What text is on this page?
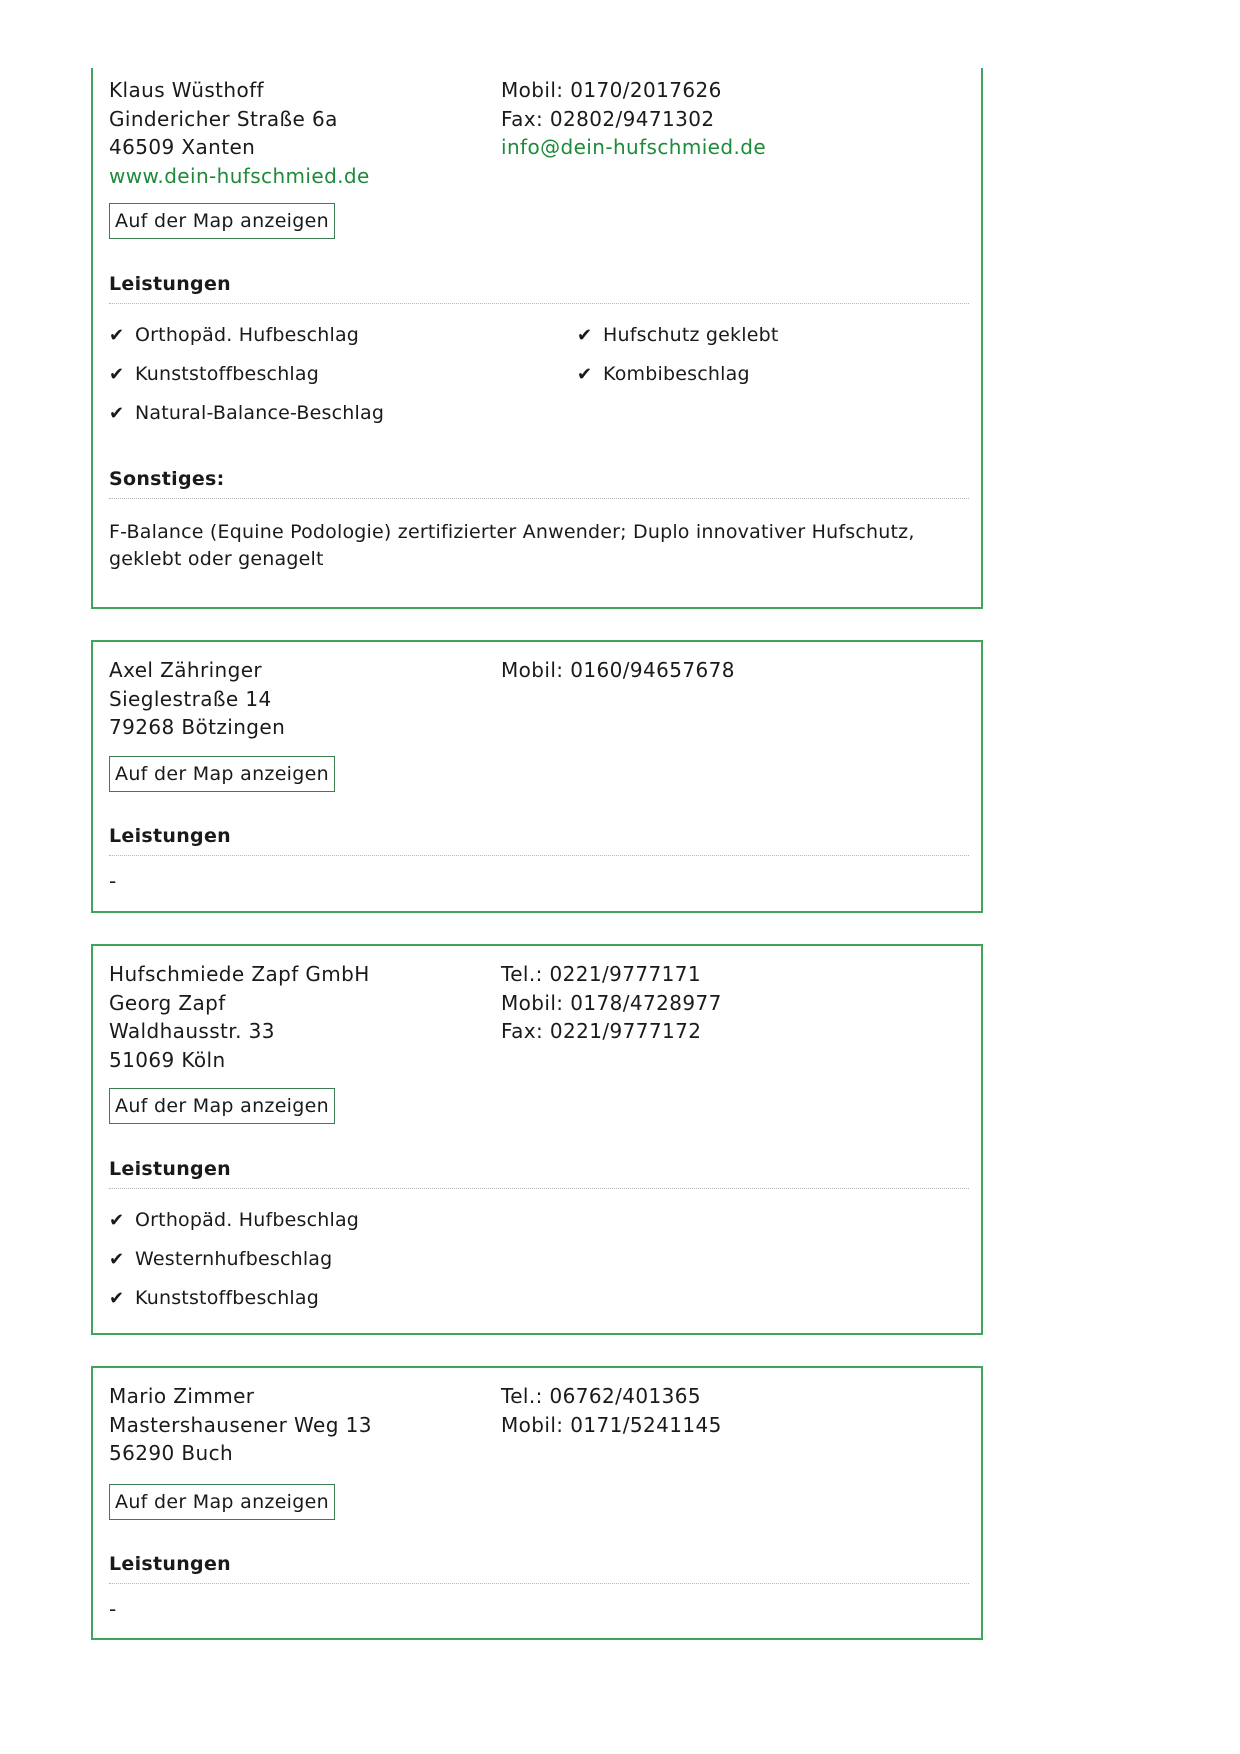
Klaus Wüsthoff
Gindericher Straße 6a
46509 Xanten
www.dein-hufschmied.de
Mobil: 0170/2017626
Fax: 02802/9471302
info@dein-hufschmied.de
Auf der Map anzeigen
Leistungen
✔ Orthopäd. Hufbeschlag	✔ Hufschutz geklebt
✔ Kunststoffbeschlag	✔ Kombibeschlag
✔ Natural-Balance-Beschlag
Sonstiges:
F-Balance (Equine Podologie) zertifizierter Anwender; Duplo innovativer Hufschutz, geklebt oder genagelt
Axel Zähringer
Sieglestraße 14
79268 Bötzingen
Mobil: 0160/94657678
Auf der Map anzeigen
Leistungen
-
Hufschmiede Zapf GmbH
Georg Zapf
Waldhausstr. 33
51069 Köln
Tel.: 0221/9777171
Mobil: 0178/4728977
Fax: 0221/9777172
Auf der Map anzeigen
Leistungen
✔ Orthopäd. Hufbeschlag
✔ Westernhufbeschlag
✔ Kunststoffbeschlag
Mario Zimmer
Mastershausener Weg 13
56290 Buch
Tel.: 06762/401365
Mobil: 0171/5241145
Auf der Map anzeigen
Leistungen
-
